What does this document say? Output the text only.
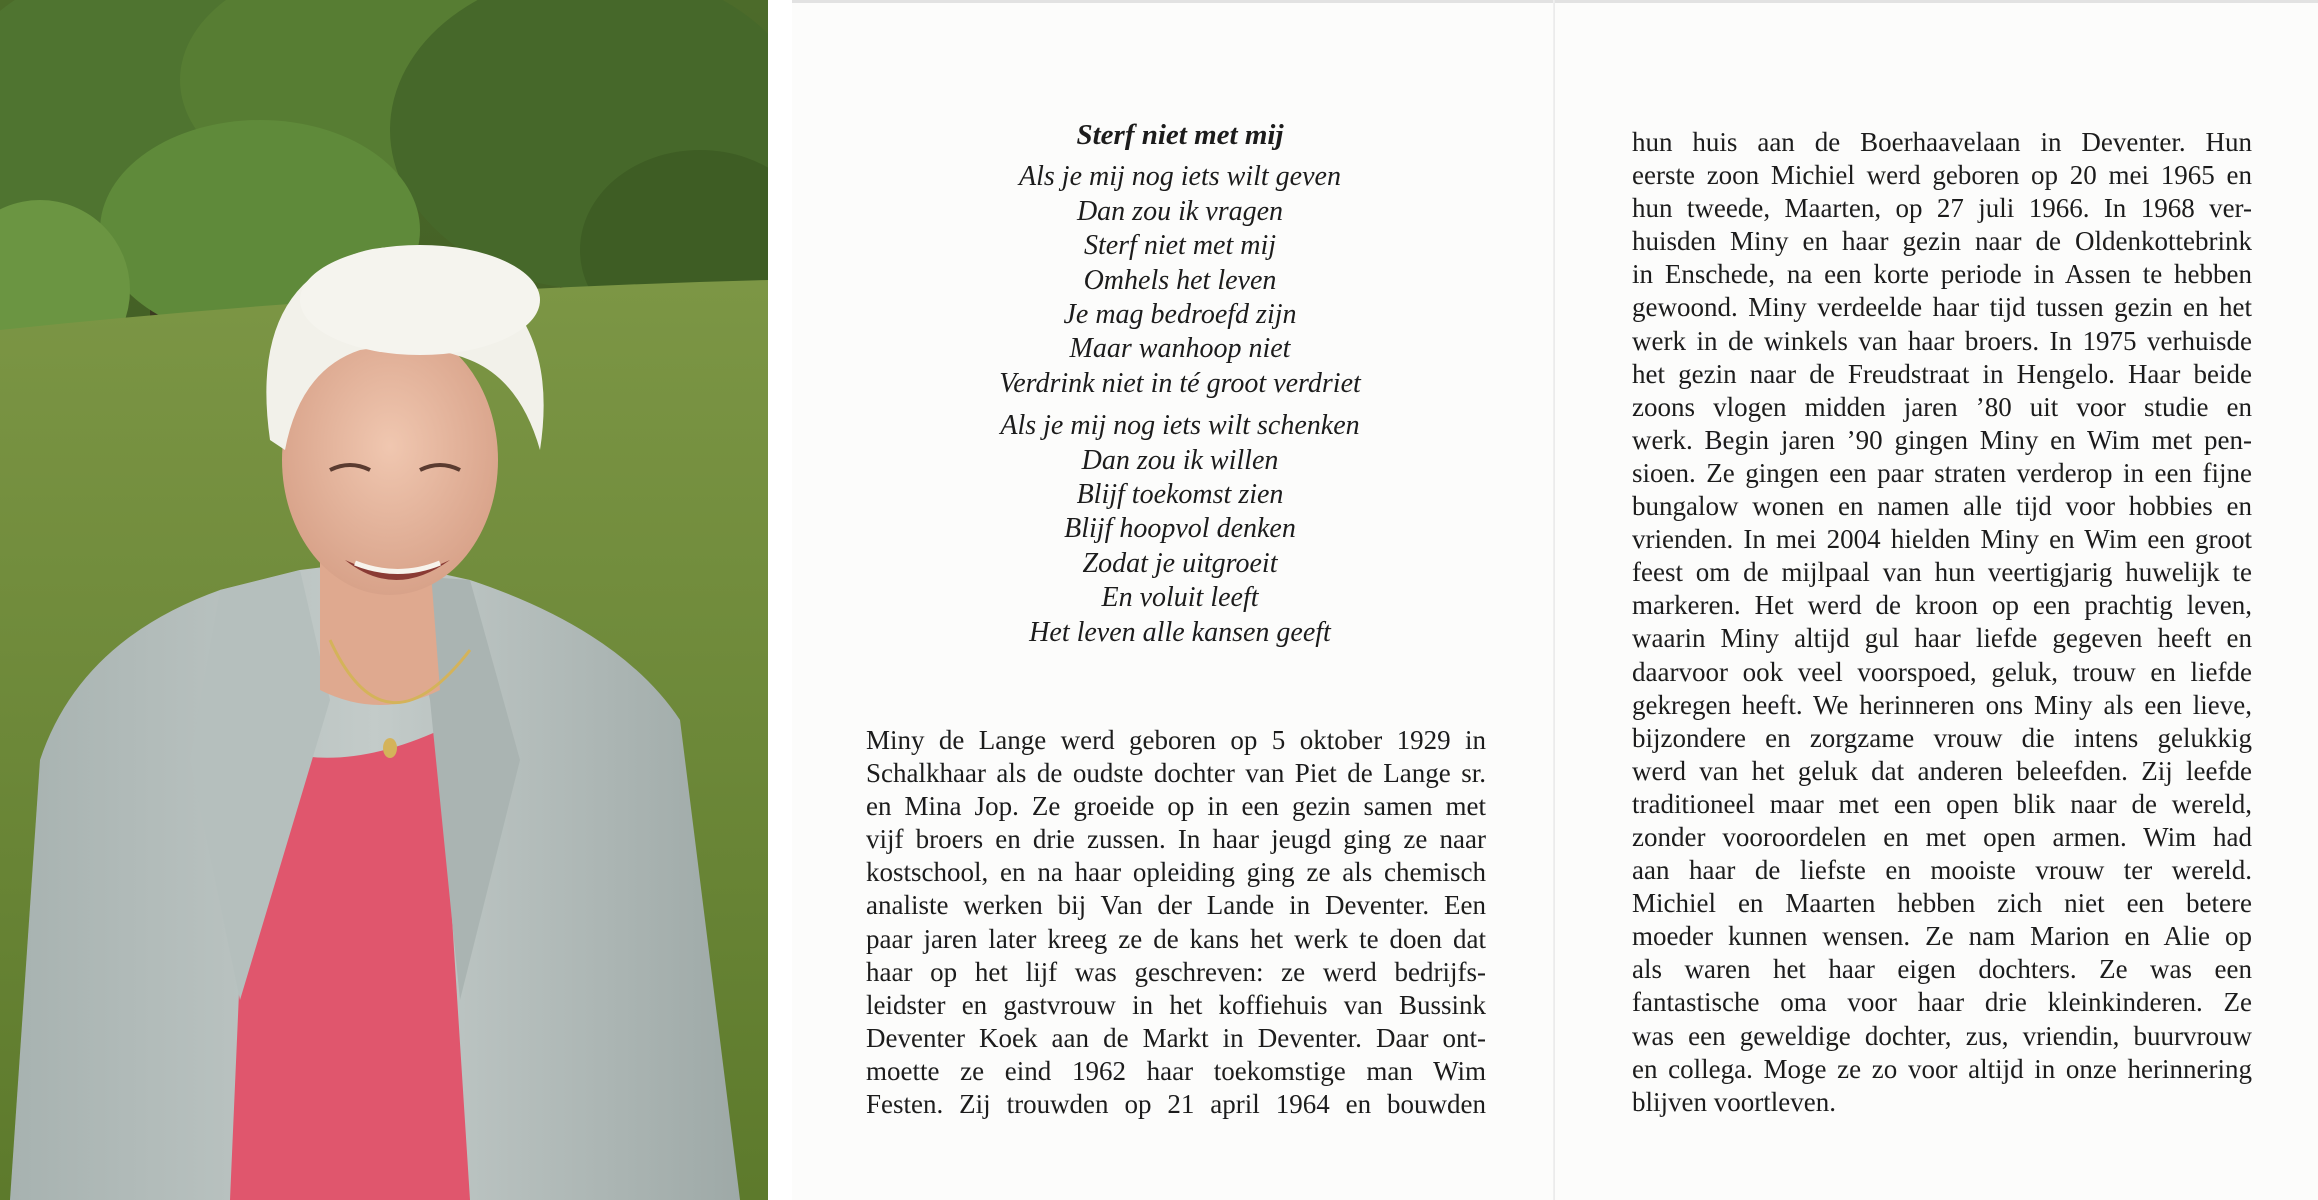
Sterf niet met mij
Als je mij nog iets wilt geven
Dan zou ik vragen
Sterf niet met mij
Omhels het leven
Je mag bedroefd zijn
Maar wanhoop niet
Verdrink niet in té groot verdriet
Als je mij nog iets wilt schenken
Dan zou ik willen
Blijf toekomst zien
Blijf hoopvol denken
Zodat je uitgroeit
En voluit leeft
Het leven alle kansen geeft
Miny de Lange werd geboren op 5 oktober 1929 in
Schalkhaar als de oudste dochter van Piet de Lange sr.
en Mina Jop. Ze groeide op in een gezin samen met
vijf broers en drie zussen. In haar jeugd ging ze naar
kostschool, en na haar opleiding ging ze als chemisch
analiste werken bij Van der Lande in Deventer. Een
paar jaren later kreeg ze de kans het werk te doen dat
haar op het lijf was geschreven: ze werd bedrijfs-
leidster en gastvrouw in het koffiehuis van Bussink
Deventer Koek aan de Markt in Deventer. Daar ont-
moette ze eind 1962 haar toekomstige man Wim
Festen. Zij trouwden op 21 april 1964 en bouwden
hun huis aan de Boerhaavelaan in Deventer. Hun
eerste zoon Michiel werd geboren op 20 mei 1965 en
hun tweede, Maarten, op 27 juli 1966. In 1968 ver-
huisden Miny en haar gezin naar de Oldenkottebrink
in Enschede, na een korte periode in Assen te hebben
gewoond. Miny verdeelde haar tijd tussen gezin en het
werk in de winkels van haar broers. In 1975 verhuisde
het gezin naar de Freudstraat in Hengelo. Haar beide
zoons vlogen midden jaren ’80 uit voor studie en
werk. Begin jaren ’90 gingen Miny en Wim met pen-
sioen. Ze gingen een paar straten verderop in een fijne
bungalow wonen en namen alle tijd voor hobbies en
vrienden. In mei 2004 hielden Miny en Wim een groot
feest om de mijlpaal van hun veertigjarig huwelijk te
markeren. Het werd de kroon op een prachtig leven,
waarin Miny altijd gul haar liefde gegeven heeft en
daarvoor ook veel voorspoed, geluk, trouw en liefde
gekregen heeft. We herinneren ons Miny als een lieve,
bijzondere en zorgzame vrouw die intens gelukkig
werd van het geluk dat anderen beleefden. Zij leefde
traditioneel maar met een open blik naar de wereld,
zonder vooroordelen en met open armen. Wim had
aan haar de liefste en mooiste vrouw ter wereld.
Michiel en Maarten hebben zich niet een betere
moeder kunnen wensen. Ze nam Marion en Alie op
als waren het haar eigen dochters. Ze was een
fantastische oma voor haar drie kleinkinderen. Ze
was een geweldige dochter, zus, vriendin, buurvrouw
en collega. Moge ze zo voor altijd in onze herinnering
blijven voortleven.
